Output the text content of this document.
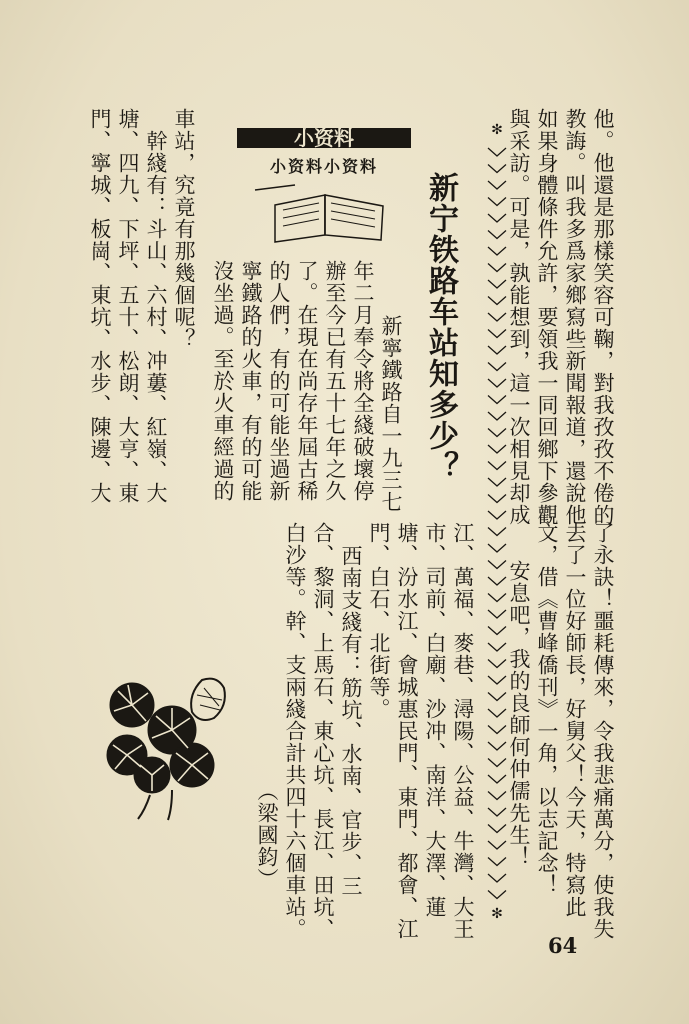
他。他還是那樣笑容可鞠，對我孜孜不倦的
教誨。叫我多爲家鄉寫些新聞報道，還說他
如果身體條件允許，要領我一同回鄉下參觀
與采訪。可是，孰能想到，這一次相見却成
了永訣！噩耗傳來，令我悲痛萬分，使我失
去了一位好師長，好舅父！今天，特寫此
文，借《曹峰僑刊》一角，以志記念！
安息吧，我的良師何仲儒先生！
✻
✻
新宁铁路车站知多少？
小资料
小资料小资料
新寧鐵路自一九三七
年二月奉令將全綫破壞停
辦至今已有五十七年之久
了。在現在尚存年屆古稀
的人們，有的可能坐過新
寧鐵路的火車，有的可能
沒坐過。至於火車經過的
車站，究竟有那幾個呢？
幹綫有：斗山、六村、冲蔞、紅嶺、大
塘、四九、下坪、五十、松朗、大亨、東
門、寧城、板崗、東坑、水步、陳邊、大
江、萬福、麥巷、潯陽、公益、牛灣、大王
市、司前、白廟、沙冲、南洋、大澤、蓮
塘、汾水江、會城惠民門、東門、都會、江
門、白石、北街等。
西南支綫有：筋坑、水南、官步、三
合、黎洞、上馬石、東心坑、長江、田坑、
白沙等。幹、支兩綫合計共四十六個車站。
（梁國鈞）
64
